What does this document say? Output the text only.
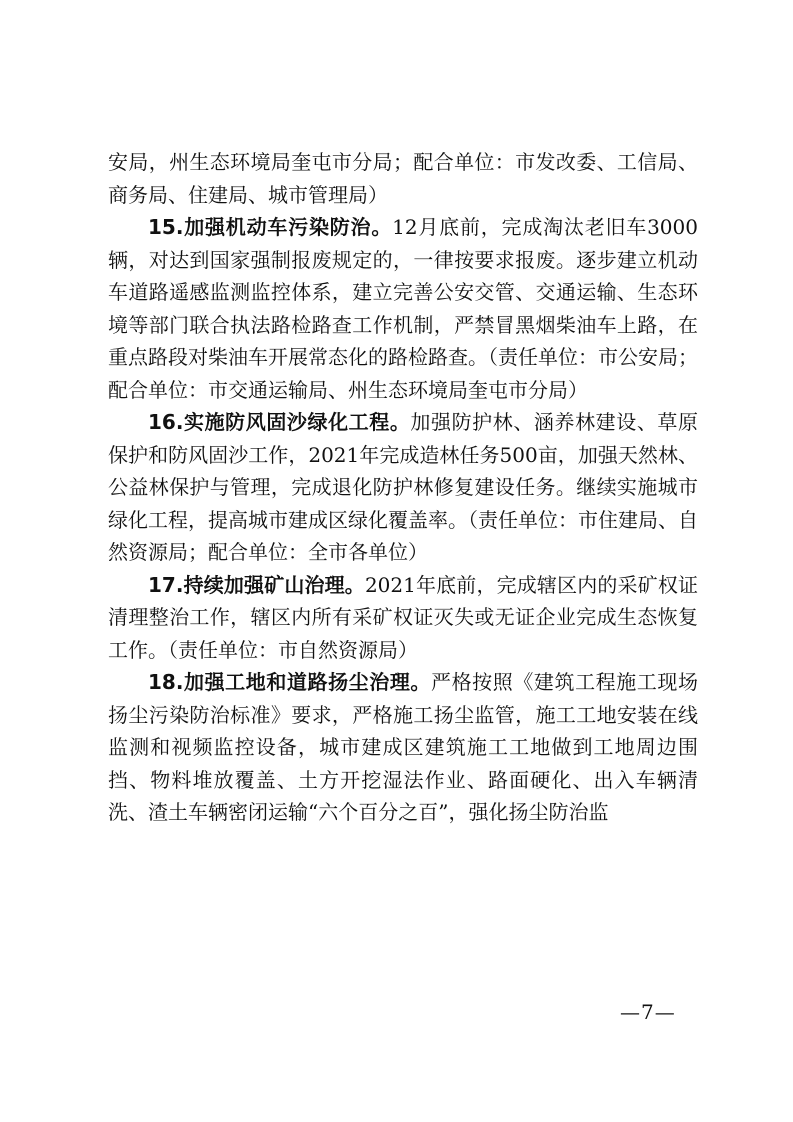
安局，州生态环境局奎屯市分局；配合单位：市发改委、工信局、商务局、住建局、城市管理局）

15.加强机动车污染防治。12月底前，完成淘汰老旧车3000辆，对达到国家强制报废规定的，一律按要求报废。逐步建立机动车道路遥感监测监控体系，建立完善公安交管、交通运输、生态环境等部门联合执法路检路查工作机制，严禁冒黑烟柴油车上路，在重点路段对柴油车开展常态化的路检路查。（责任单位：市公安局；配合单位：市交通运输局、州生态环境局奎屯市分局）

16.实施防风固沙绿化工程。加强防护林、涵养林建设、草原保护和防风固沙工作，2021年完成造林任务500亩，加强天然林、公益林保护与管理，完成退化防护林修复建设任务。继续实施城市绿化工程，提高城市建成区绿化覆盖率。（责任单位：市住建局、自然资源局；配合单位：全市各单位）

17.持续加强矿山治理。2021年底前，完成辖区内的采矿权证清理整治工作，辖区内所有采矿权证灭失或无证企业完成生态恢复工作。（责任单位：市自然资源局）

18.加强工地和道路扬尘治理。严格按照《建筑工程施工现场扬尘污染防治标准》要求，严格施工扬尘监管，施工工地安装在线监测和视频监控设备，城市建成区建筑施工工地做到工地周边围挡、物料堆放覆盖、土方开挖湿法作业、路面硬化、出入车辆清洗、渣土车辆密闭运输“六个百分之百”，强化扬尘防治监

—7—
